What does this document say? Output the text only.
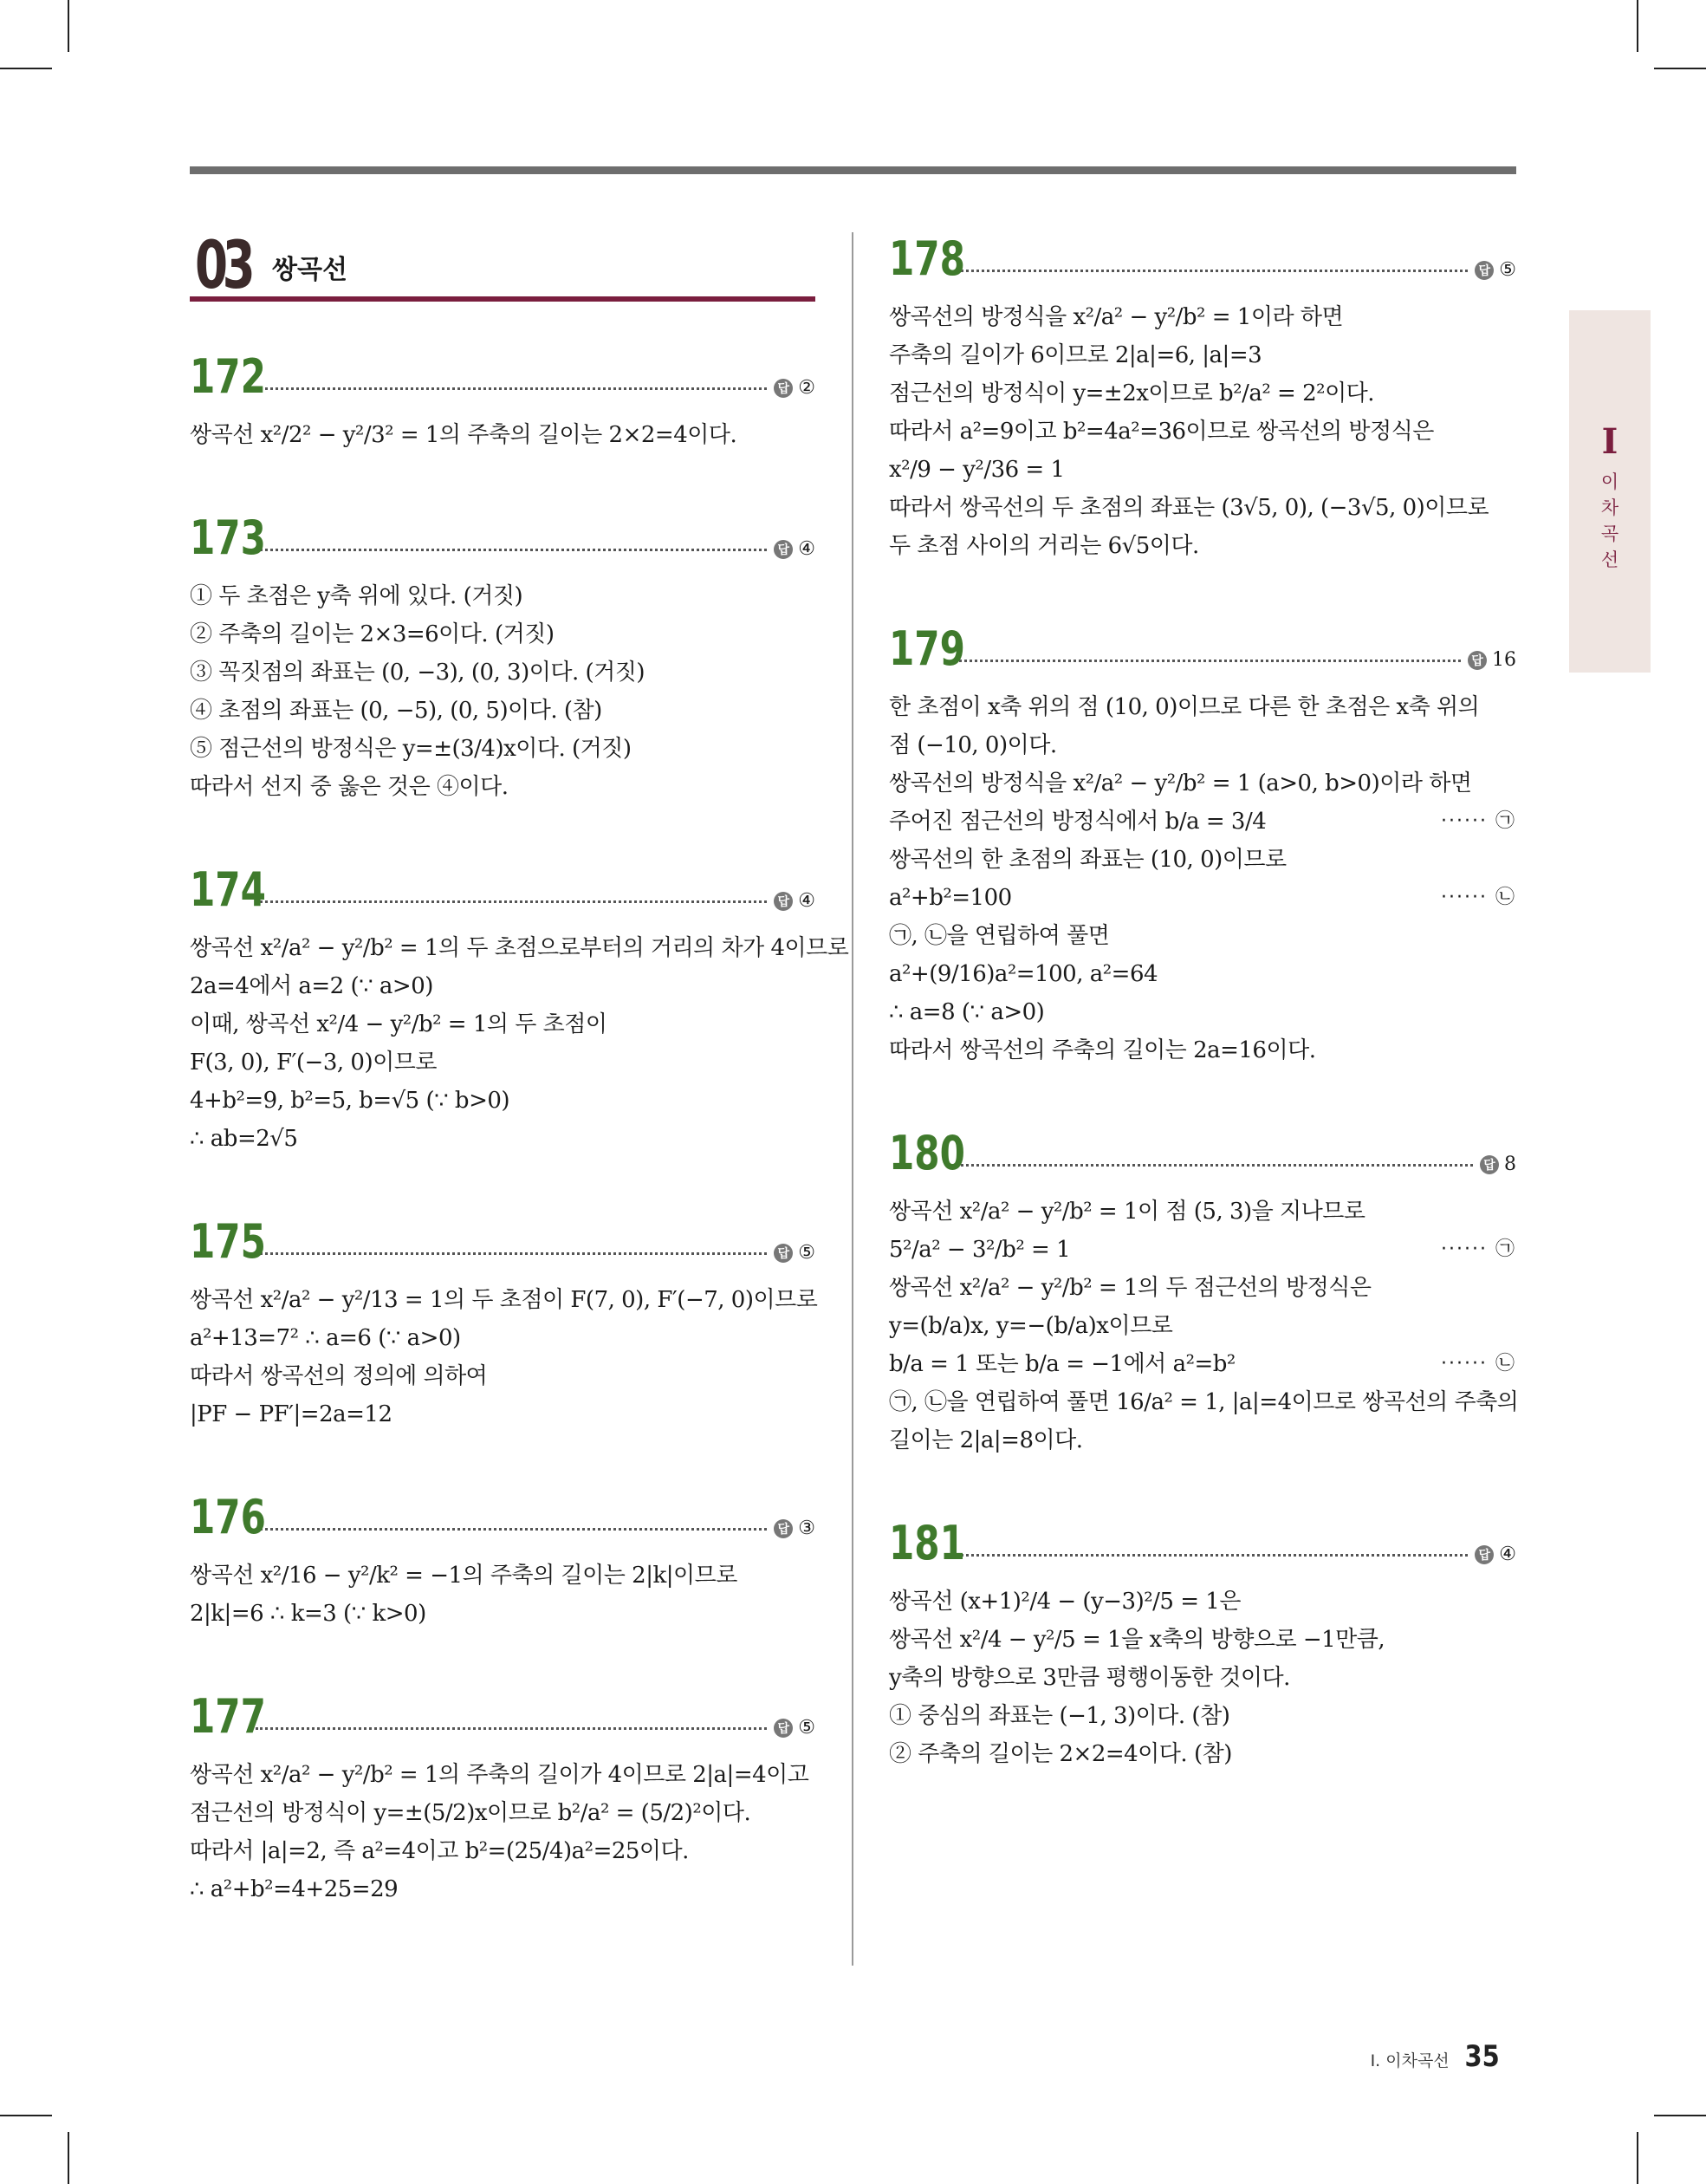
I
이차곡선
03 쌍곡선
172	답 ②
쌍곡선 x²/2² − y²/3² = 1의 주축의 길이는 2×2=4이다.
173	답 ④
① 두 초점은 y축 위에 있다. (거짓)
② 주축의 길이는 2×3=6이다. (거짓)
③ 꼭짓점의 좌표는 (0, −3), (0, 3)이다. (거짓)
④ 초점의 좌표는 (0, −5), (0, 5)이다. (참)
⑤ 점근선의 방정식은 y=±(3/4)x이다. (거짓)
따라서 선지 중 옳은 것은 ④이다.
174	답 ④
쌍곡선 x²/a² − y²/b² = 1의 두 초점으로부터의 거리의 차가 4이므로
2a=4에서 a=2 (∵ a>0)
이때, 쌍곡선 x²/4 − y²/b² = 1의 두 초점이
F(3, 0), F′(−3, 0)이므로
4+b²=9, b²=5, b=√5 (∵ b>0)
∴ ab=2√5
175	답 ⑤
쌍곡선 x²/a² − y²/13 = 1의 두 초점이 F(7, 0), F′(−7, 0)이므로
a²+13=7² ∴ a=6 (∵ a>0)
따라서 쌍곡선의 정의에 의하여
|PF − PF′|=2a=12
176	답 ③
쌍곡선 x²/16 − y²/k² = −1의 주축의 길이는 2|k|이므로
2|k|=6 ∴ k=3 (∵ k>0)
177	답 ⑤
쌍곡선 x²/a² − y²/b² = 1의 주축의 길이가 4이므로 2|a|=4이고
점근선의 방정식이 y=±(5/2)x이므로 b²/a² = (5/2)²이다.
따라서 |a|=2, 즉 a²=4이고 b²=(25/4)a²=25이다.
∴ a²+b²=4+25=29
178	답 ⑤
쌍곡선의 방정식을 x²/a² − y²/b² = 1이라 하면
주축의 길이가 6이므로 2|a|=6, |a|=3
점근선의 방정식이 y=±2x이므로 b²/a² = 2²이다.
따라서 a²=9이고 b²=4a²=36이므로 쌍곡선의 방정식은
x²/9 − y²/36 = 1
따라서 쌍곡선의 두 초점의 좌표는 (3√5, 0), (−3√5, 0)이므로
두 초점 사이의 거리는 6√5이다.
179	답 16
한 초점이 x축 위의 점 (10, 0)이므로 다른 한 초점은 x축 위의
점 (−10, 0)이다.
쌍곡선의 방정식을 x²/a² − y²/b² = 1 (a>0, b>0)이라 하면
주어진 점근선의 방정식에서 b/a = 3/4	······ ㉠
쌍곡선의 한 초점의 좌표는 (10, 0)이므로
a²+b²=100	······ ㉡
㉠, ㉡을 연립하여 풀면
a²+(9/16)a²=100, a²=64
∴ a=8 (∵ a>0)
따라서 쌍곡선의 주축의 길이는 2a=16이다.
180	답 8
쌍곡선 x²/a² − y²/b² = 1이 점 (5, 3)을 지나므로
5²/a² − 3²/b² = 1	······ ㉠
쌍곡선 x²/a² − y²/b² = 1의 두 점근선의 방정식은
y=(b/a)x, y=−(b/a)x이므로
b/a = 1 또는 b/a = −1에서 a²=b²	······ ㉡
㉠, ㉡을 연립하여 풀면 16/a² = 1, |a|=4이므로 쌍곡선의 주축의
길이는 2|a|=8이다.
181	답 ④
쌍곡선 (x+1)²/4 − (y−3)²/5 = 1은
쌍곡선 x²/4 − y²/5 = 1을 x축의 방향으로 −1만큼,
y축의 방향으로 3만큼 평행이동한 것이다.
① 중심의 좌표는 (−1, 3)이다. (참)
② 주축의 길이는 2×2=4이다. (참)
Ⅰ. 이차곡선 35
